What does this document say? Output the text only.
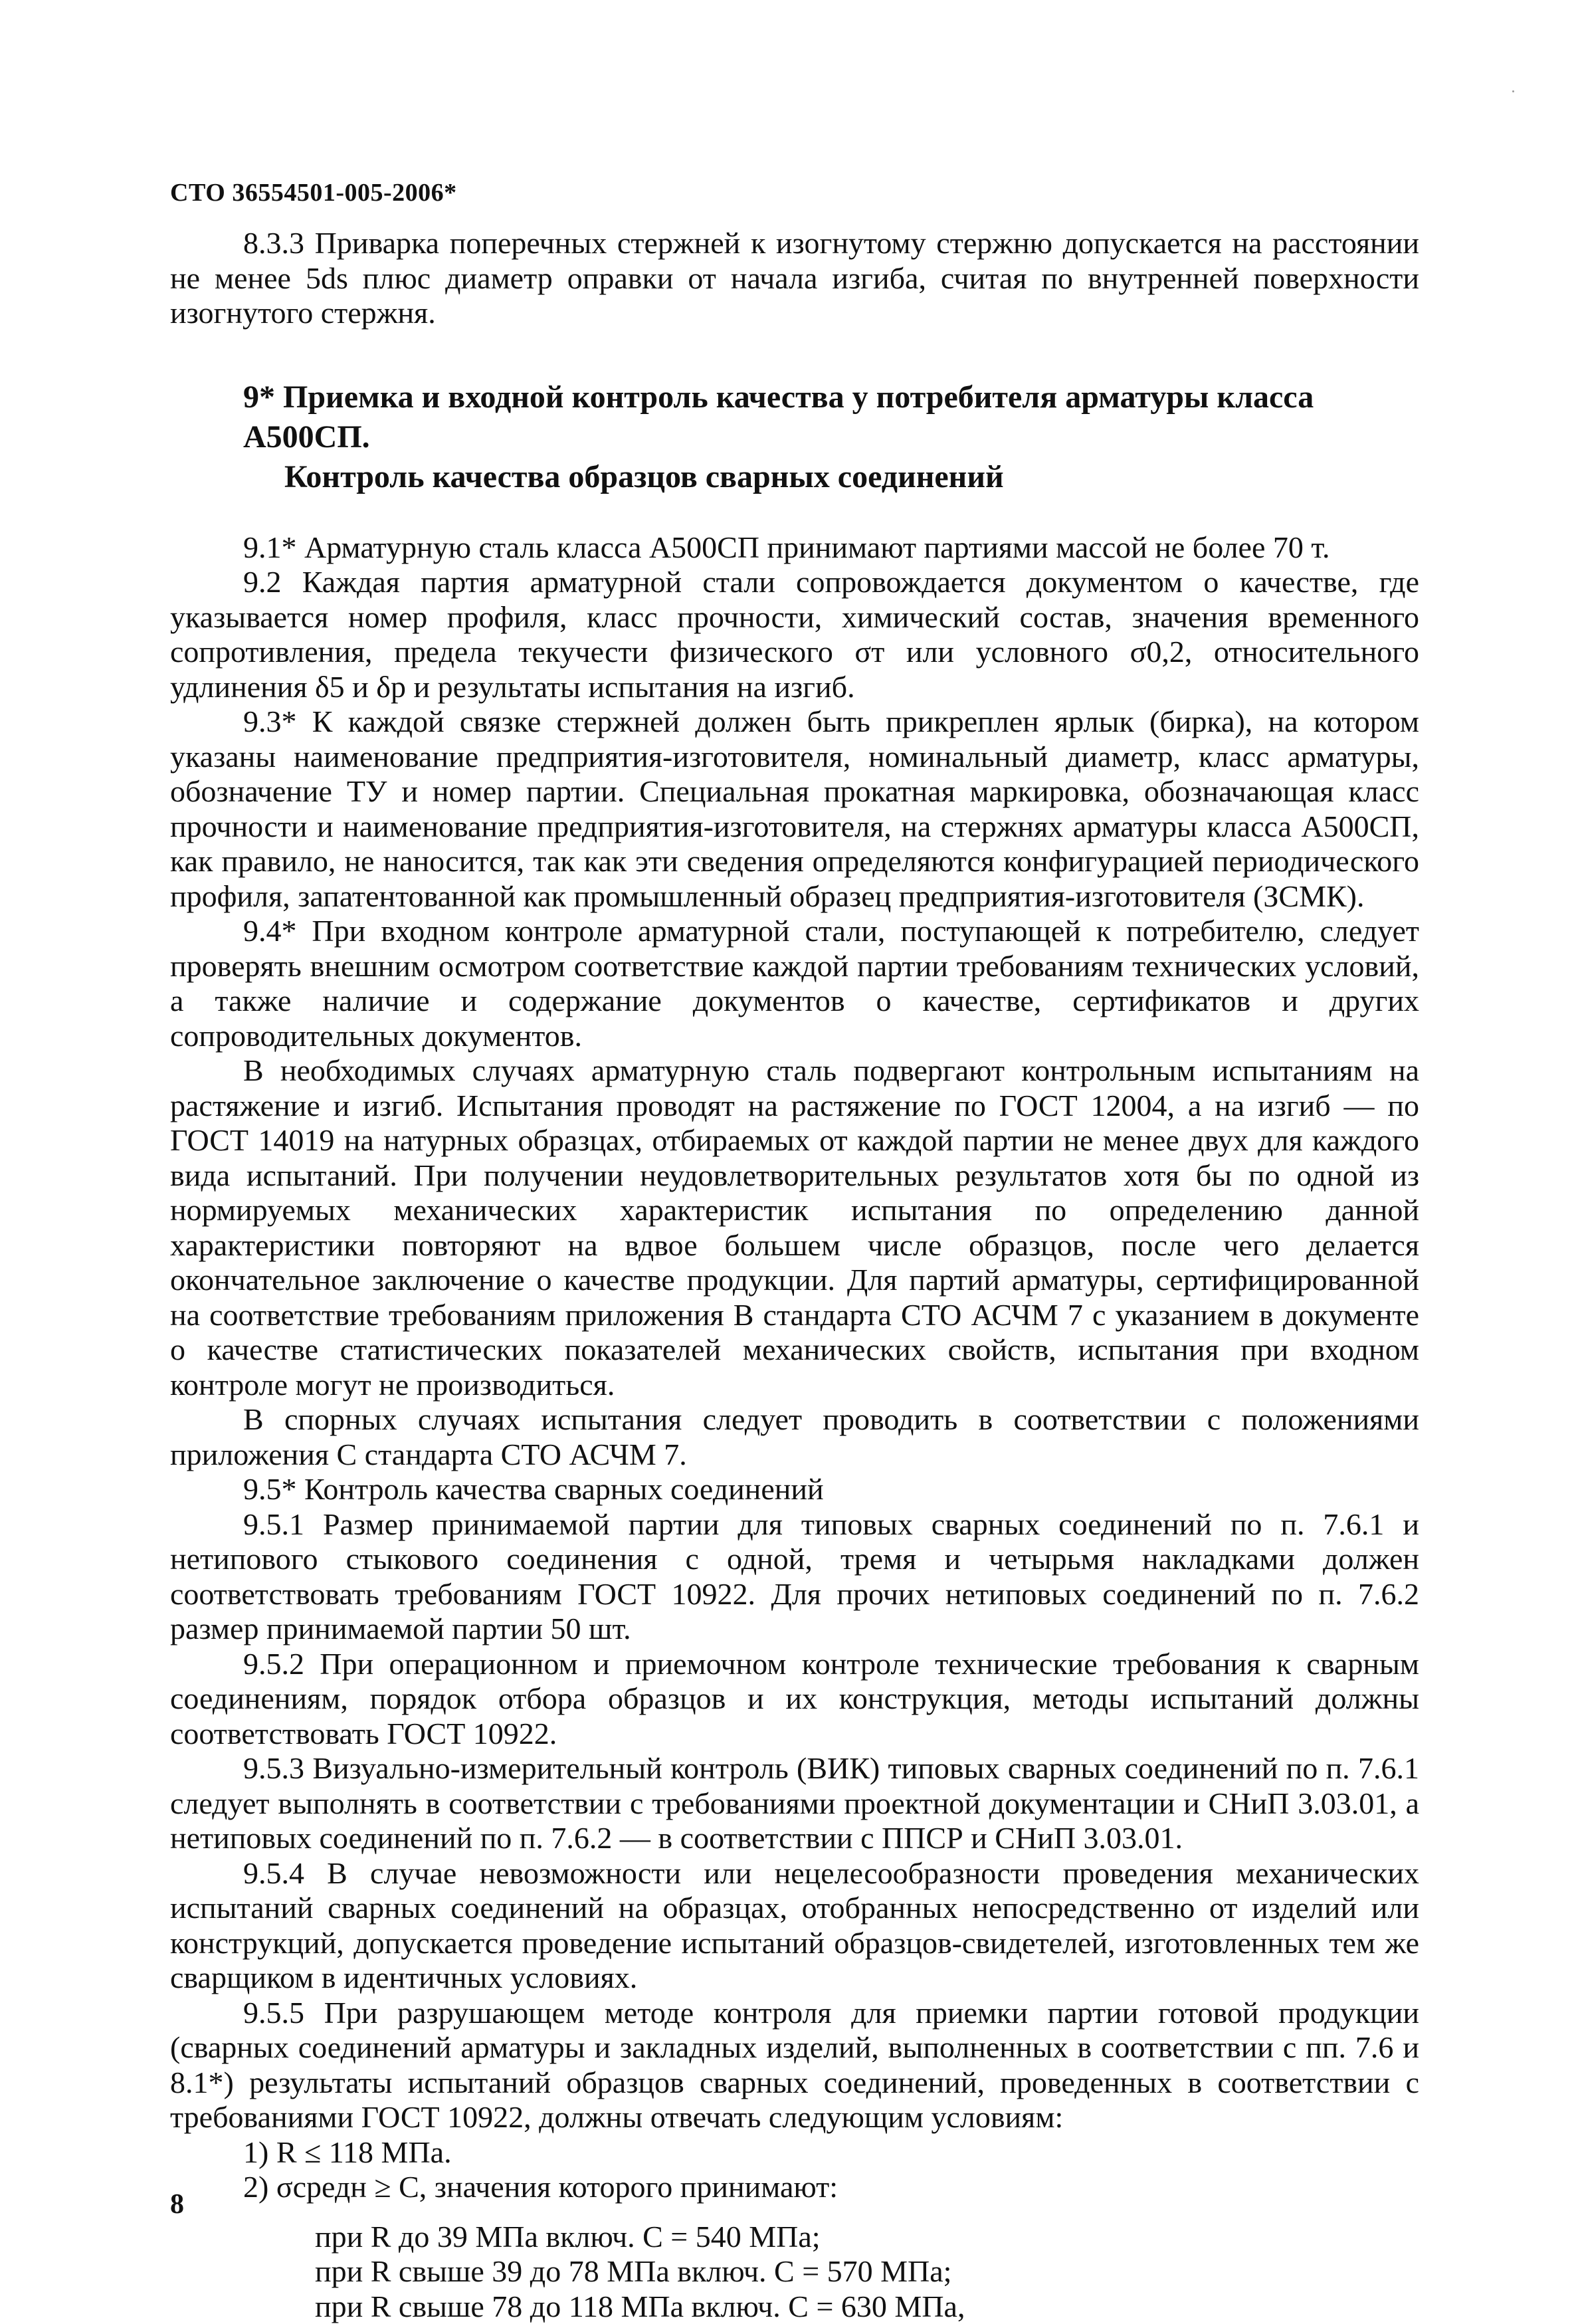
СТО 36554501-005-2006*

8.3.3 Приварка поперечных стержней к изогнутому стержню допускается на расстоянии не менее 5ds плюс диаметр оправки от начала изгиба, считая по внутренней поверхности изогнутого стержня.

9* Приемка и входной контроль качества у потребителя арматуры класса А500СП.
Контроль качества образцов сварных соединений

9.1* Арматурную сталь класса А500СП принимают партиями массой не более 70 т.

9.2 Каждая партия арматурной стали сопровождается документом о качестве, где указывается номер профиля, класс прочности, химический состав, значения временного сопротивления, предела текучести физического σт или условного σ0,2, относительного удлинения δ5 и δр и результаты испытания на изгиб.

9.3* К каждой связке стержней должен быть прикреплен ярлык (бирка), на котором указаны наименование предприятия-изготовителя, номинальный диаметр, класс арматуры, обозначение ТУ и номер партии. Специальная прокатная маркировка, обозначающая класс прочности и наименование предприятия-изготовителя, на стержнях арматуры класса А500СП, как правило, не наносится, так как эти сведения определяются конфигурацией периодического профиля, запатентованной как промышленный образец предприятия-изготовителя (ЗСМК).

9.4* При входном контроле арматурной стали, поступающей к потребителю, следует проверять внешним осмотром соответствие каждой партии требованиям технических условий, а также наличие и содержание документов о качестве, сертификатов и других сопроводительных документов.

В необходимых случаях арматурную сталь подвергают контрольным испытаниям на растяжение и изгиб. Испытания проводят на растяжение по ГОСТ 12004, а на изгиб — по ГОСТ 14019 на натурных образцах, отбираемых от каждой партии не менее двух для каждого вида испытаний. При получении неудовлетворительных результатов хотя бы по одной из нормируемых механических характеристик испытания по определению данной характеристики повторяют на вдвое большем числе образцов, после чего делается окончательное заключение о качестве продукции. Для партий арматуры, сертифицированной на соответствие требованиям приложения В стандарта СТО АСЧМ 7 с указанием в документе о качестве статистических показателей механических свойств, испытания при входном контроле могут не производиться.

В спорных случаях испытания следует проводить в соответствии с положениями приложения С стандарта СТО АСЧМ 7.

9.5* Контроль качества сварных соединений

9.5.1 Размер принимаемой партии для типовых сварных соединений по п. 7.6.1 и нетипового стыкового соединения с одной, тремя и четырьмя накладками должен соответствовать требованиям ГОСТ 10922. Для прочих нетиповых соединений по п. 7.6.2 размер принимаемой партии 50 шт.

9.5.2 При операционном и приемочном контроле технические требования к сварным соединениям, порядок отбора образцов и их конструкция, методы испытаний должны соответствовать ГОСТ 10922.

9.5.3 Визуально-измерительный контроль (ВИК) типовых сварных соединений по п. 7.6.1 следует выполнять в соответствии с требованиями проектной документации и СНиП 3.03.01, а нетиповых соединений по п. 7.6.2 — в соответствии с ППСР и СНиП 3.03.01.

9.5.4 В случае невозможности или нецелесообразности проведения механических испытаний сварных соединений на образцах, отобранных непосредственно от изделий или конструкций, допускается проведение испытаний образцов-свидетелей, изготовленных тем же сварщиком в идентичных условиях.

9.5.5 При разрушающем методе контроля для приемки партии готовой продукции (сварных соединений арматуры и закладных изделий, выполненных в соответствии с пп. 7.6 и 8.1*) результаты испытаний образцов сварных соединений, проведенных в соответствии с требованиями ГОСТ 10922, должны отвечать следующим условиям:

1) R ≤ 118 МПа.
2) σсредн ≥ C, значения которого принимают:
при R до 39 МПа включ. C = 540 МПа;
при R свыше 39 до 78 МПа включ. C = 570 МПа;
при R свыше 78 до 118 МПа включ. C = 630 МПа,
8
